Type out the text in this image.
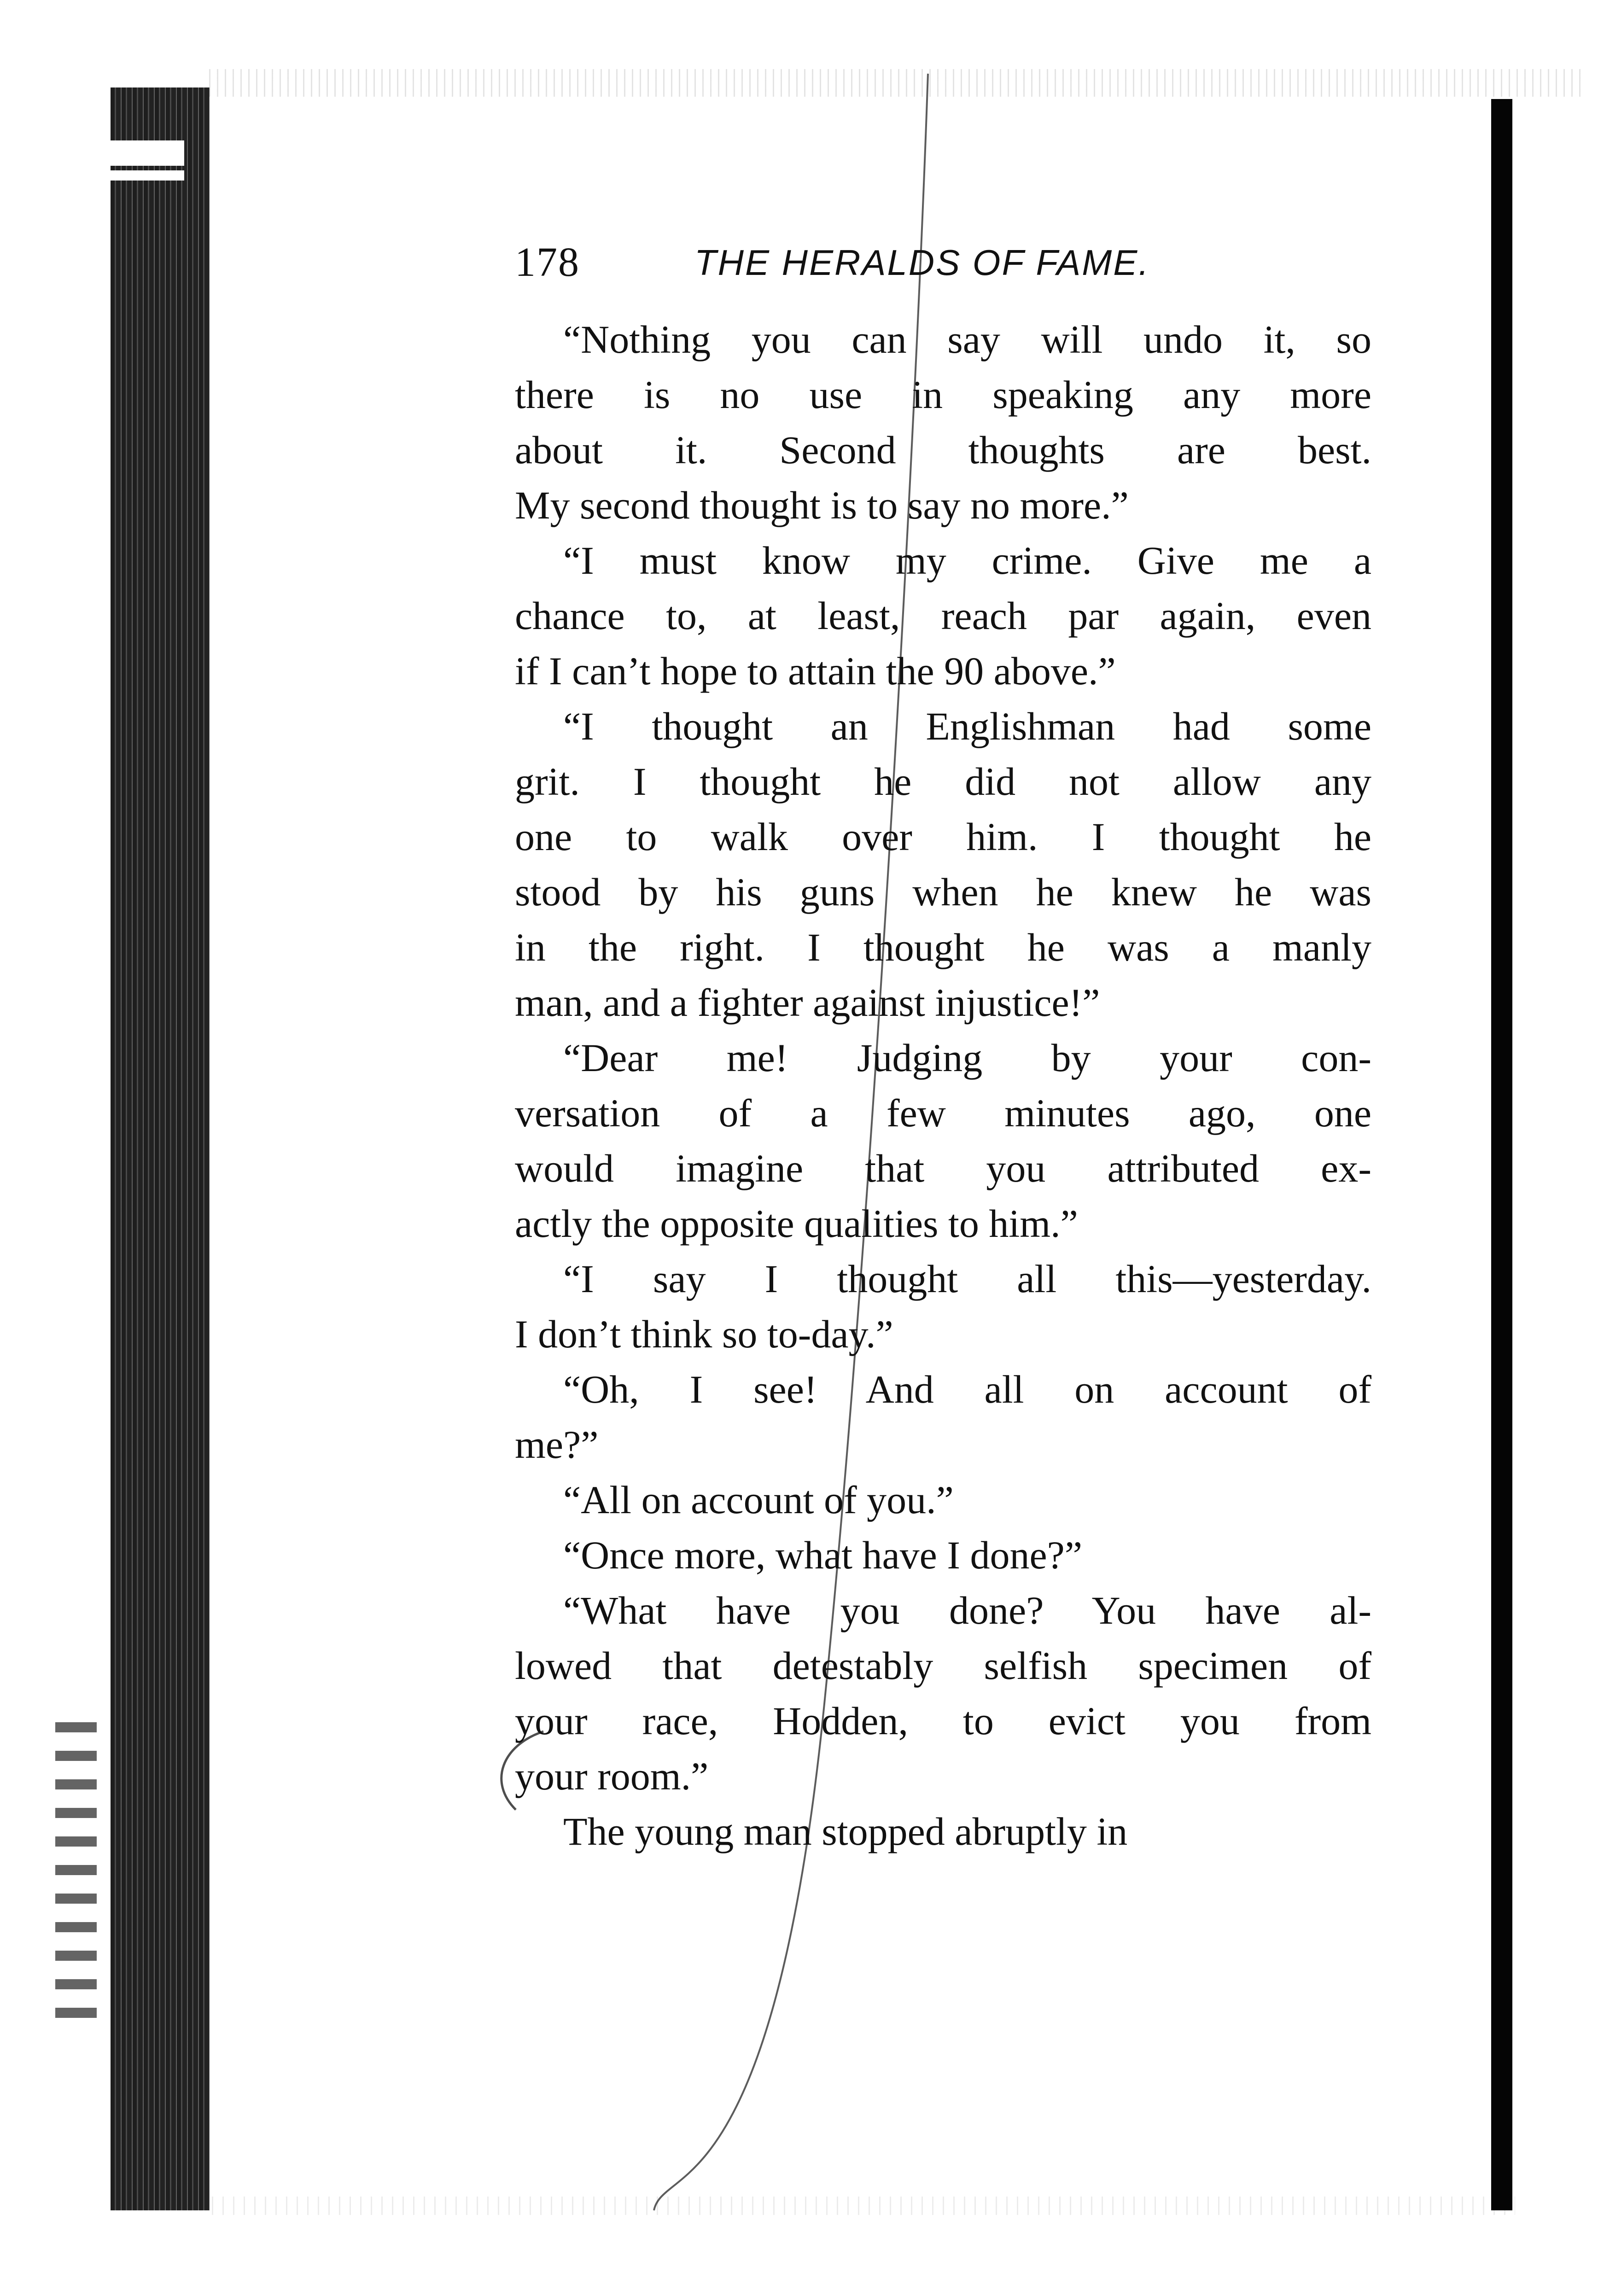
178	THE HERALDS OF FAME.
“Nothing you can say will undo it, so
there is no use in speaking any more
about it. Second thoughts are best.
My second thought is to say no more.”
“I must know my crime. Give me a
chance to, at least, reach par again, even
if I can’t hope to attain the 90 above.”
“I thought an Englishman had some
grit. I thought he did not allow any
one to walk over him. I thought he
stood by his guns when he knew he was
in the right. I thought he was a manly
man, and a fighter against injustice!”
“Dear me! Judging by your con-
versation of a few minutes ago, one
would imagine that you attributed ex-
actly the opposite qualities to him.”
“I say I thought all this—yesterday.
I don’t think so to-day.”
“Oh, I see! And all on account of
me?”
“All on account of you.”
“Once more, what have I done?”
“What have you done? You have al-
lowed that detestably selfish specimen of
your race, Hodden, to evict you from
your room.”
The young man stopped abruptly in
